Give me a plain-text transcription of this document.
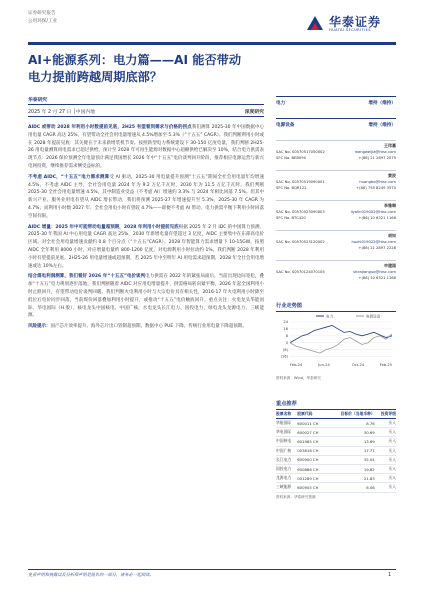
证券研究报告
公用环保/工业	华泰证券
HUATAI SECURITIES
AI+能源系列：电力篇——AI 能否带动
电力提前跨越周期底部？
华泰研究
2025 年 2 月 27 日 │中国内地	深度研究
AIDC 或带动 2028 年利用小时数提前见底，2H25 有望看到需求与价格的拐点我们测算 2025-30 年中国数据中心用电量 CAGR 高达 25%，有望带动全社会用电量增速从 4.5%增加至 5.3%（“十五五” CAGR）。我们判断利用小时或在 2028 年提前见底：其关键在于未来新增装机节奏。按照新型电力系统建设下 30-150 亿度电量，我们判断 2H25-26 用电量测算用电需求已超过供给，预计至 2028 年可再生能源对数据中心超额供给已解决至 10%，结合电力供需表现节点：2026 保价预测全年电量预计满足我国增长 2026 年中“十五五”电价谈判回升阶段，推荐相应电源运营与新兴电网投资，继续推荐需求侧受益标的。
不考虑 AIDC，“十五五”电力需求测算受 AI 驱动，2025-30 用电量提升预测“十五五”期间全社会用电量年均增速 4.5%，不考虑 AIDC 主导，全社会用电量 2024 年为 9.2 万亿千瓦时，2030 年为 11.5 万亿千瓦时。我们判断 2025-30 全社会用电量增速 4.5%，其中制造业受益（不考虑 AI）增速约 3.3% 与 2024 年相比回落 7.5%。但其中新兴产业、服务业用电有望从 AIDC 增长带动，我们将预测 2025-27 年增速提升至 5.3%，2025-30 年 CAGR 为 4.7%；而利用小时数 2027 年、全社会用电小时有望较 4.7%——即便不考虑 AI 带动，电力供需平衡下利用小时回落空间有限。
AIDC 增量：2025 年中可能带动电量超预期，2028 年利用小时提前见底根据 2025 年 2 月 IDC 的中国算力预测，2025-30 年我国 AI 中心用电量 CAGR 高达 25%，2030 年新增电量有望超过 3 亿度，AIDC 主要集中在东部高电价区域，对全社会用电量增速贡献约 0.8 个百分点（“十五五”CAGR）。2028 年智能算力需求增量下 10-15GW，按照 AIDC 全年利用 8000 小时，对应增量电量约 800-1200 亿度，对电源利用小时拉动约 1%，我们判断 2028 年利用小时有望提前见底。2H25-26 用电量增速或超预期，若 2025 年中至明年 AI 用电需求超预期，2028 年全社会用电增速或达 10%左右。
结合煤电利润测算，我们看好 2026 年“十五五”电价谈判电力供需在 2022 年的紧张局面后，当前出现边际宽松，叠加“十五五”电力规划逐步落地，我们判断随着 AIDC 对应用电增量提升，供需格局转向紧平衡，2026 年起全国利用小时止跌回升，有望带动电价谈判回暖。我们判断火电利用小时与大宗电价具有相关性，2016-17 年火电利用小时降至低位后电价同步回落，当前煤价回落叠加利用小时提升，或推动“十五五”电价触底回升。重点关注：火电龙头华能国际、华电国际（H 股），核电龙头中国核电、中国广核，水电龙头长江电力、国投电力，绿电龙头龙源电力、三峡能源。
风险提示：国产芯片效率提升、海外芯片出口管制超预期、数据中心 PUE 下降、传统行业用电量下降超预期。
电力	增持（维持）
电源设备	增持（维持）
王玮嘉
SAC No. S0570517050002	wangweijia@htsc.com
SFC No. BEB090	+(86) 21 2897 2079
黄波
SAC No. S0570519090001	huangbo@htsc.com
SFC No. BQR122	+(86) 755 8249 3570
李雅琳
SAC No. S0570523090003	liyalin019002@htsc.com
SFC No. BTC420	+(86) 10 6321 1166
胡知
SAC No. S0570523120002	huzhi019022@htsc.com
+(86) 21 2897 2228
申建国
SAC No. S0570124070105	shenjianguo@htsc.com
+(86) 10 6321 1166
行业走势图
24
16
8
0
(8)
(16)
Feb-24	Jun-24	Oct-24	Feb-25
电力	电源设备
资料来源：Wind，华泰研究
重点推荐
股票名称	股票代码	目标价（当地币种）	投资评级
华能国际	600011 CH	8.76	买入
华电国际	600027 CH	30.69	买入
中国核电	601985 CH	13.69	买入
中国广核	003816 CH	17.77	买入
长江电力	600900 CH	35.04	买入
国投电力	600886 CH	19.62	买入
龙源电力	001289 CH	21.83	买入
三峡能源	600905 CH	6.06	买入
资料来源：华泰研究预测
免责声明和披露以及分析师声明是报告的一部分，请务必一起阅读。	1
